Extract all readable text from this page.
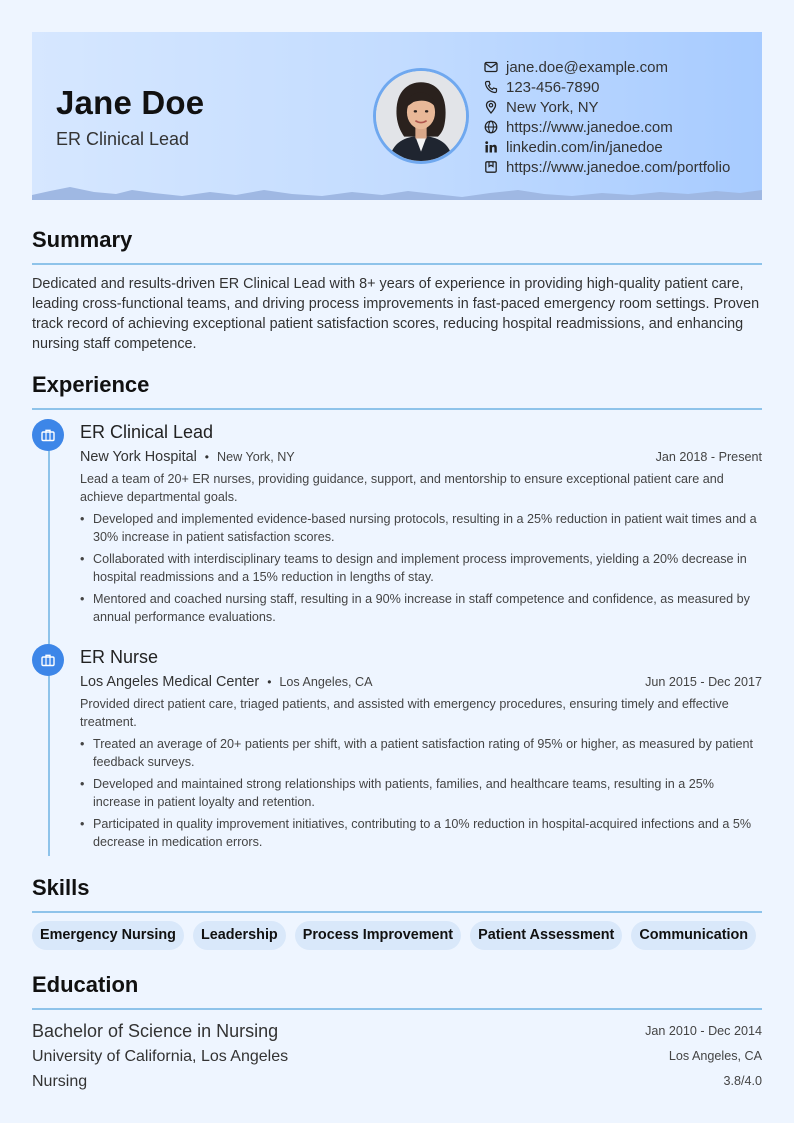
Jane Doe
ER Clinical Lead
jane.doe@example.com
123-456-7890
New York, NY
https://www.janedoe.com
linkedin.com/in/janedoe
https://www.janedoe.com/portfolio
Summary
Dedicated and results-driven ER Clinical Lead with 8+ years of experience in providing high-quality patient care, leading cross-functional teams, and driving process improvements in fast-paced emergency room settings. Proven track record of achieving exceptional patient satisfaction scores, reducing hospital readmissions, and enhancing nursing staff competence.
Experience
ER Clinical Lead
New York Hospital • New York, NY	Jan 2018 - Present
Lead a team of 20+ ER nurses, providing guidance, support, and mentorship to ensure exceptional patient care and achieve departmental goals.
• Developed and implemented evidence-based nursing protocols, resulting in a 25% reduction in patient wait times and a 30% increase in patient satisfaction scores.
• Collaborated with interdisciplinary teams to design and implement process improvements, yielding a 20% decrease in hospital readmissions and a 15% reduction in lengths of stay.
• Mentored and coached nursing staff, resulting in a 90% increase in staff competence and confidence, as measured by annual performance evaluations.
ER Nurse
Los Angeles Medical Center • Los Angeles, CA	Jun 2015 - Dec 2017
Provided direct patient care, triaged patients, and assisted with emergency procedures, ensuring timely and effective treatment.
• Treated an average of 20+ patients per shift, with a patient satisfaction rating of 95% or higher, as measured by patient feedback surveys.
• Developed and maintained strong relationships with patients, families, and healthcare teams, resulting in a 25% increase in patient loyalty and retention.
• Participated in quality improvement initiatives, contributing to a 10% reduction in hospital-acquired infections and a 5% decrease in medication errors.
Skills
Emergency Nursing	Leadership	Process Improvement	Patient Assessment	Communication
Education
Bachelor of Science in Nursing	Jan 2010 - Dec 2014
University of California, Los Angeles	Los Angeles, CA
Nursing	3.8/4.0
